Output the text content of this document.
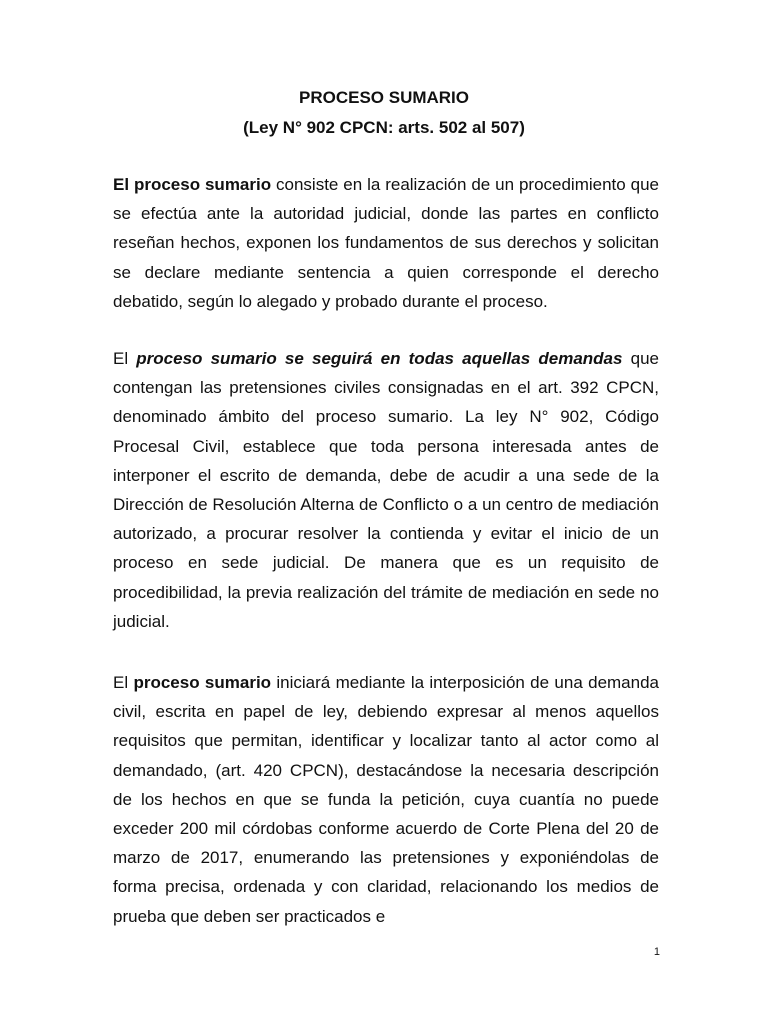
PROCESO SUMARIO

(Ley N° 902 CPCN: arts. 502 al 507)

El proceso sumario consiste en la realización de un procedimiento que se efectúa ante la autoridad judicial, donde las partes en conflicto reseñan hechos, exponen los fundamentos de sus derechos y solicitan se declare mediante sentencia a quien corresponde el derecho debatido, según lo alegado y probado durante el proceso.

El proceso sumario se seguirá en todas aquellas demandas que contengan las pretensiones civiles consignadas en el art. 392 CPCN, denominado ámbito del proceso sumario. La ley N° 902, Código Procesal Civil, establece que toda persona interesada antes de interponer el escrito de demanda, debe de acudir a una sede de la Dirección de Resolución Alterna de Conflicto o a un centro de mediación autorizado, a procurar resolver la contienda y evitar el inicio de un proceso en sede judicial. De manera que es un requisito de procedibilidad, la previa realización del trámite de mediación en sede no judicial.

El proceso sumario iniciará mediante la interposición de una demanda civil, escrita en papel de ley, debiendo expresar al menos aquellos requisitos que permitan, identificar y localizar tanto al actor como al demandado, (art. 420 CPCN), destacándose la necesaria descripción de los hechos en que se funda la petición, cuya cuantía no puede exceder 200 mil córdobas conforme acuerdo de Corte Plena del 20 de marzo de 2017, enumerando las pretensiones y exponiéndolas de forma precisa, ordenada y con claridad, relacionando los medios de prueba que deben ser practicados e

1
